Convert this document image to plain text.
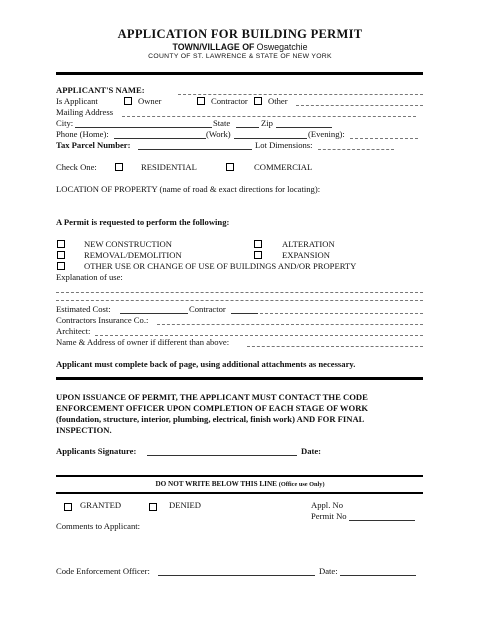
APPLICATION FOR BUILDING PERMIT
TOWN/VILLAGE OF Oswegatchie
COUNTY OF ST. LAWRENCE & STATE OF NEW YORK
APPLICANT'S NAME:
Is Applicant	Owner	Contractor Other
Mailing Address
City:	State	Zip
Phone (Home):	(Work)	(Evening):
Tax Parcel Number:	Lot Dimensions:
Check One:	RESIDENTIAL	COMMERCIAL
LOCATION OF PROPERTY (name of road & exact directions for locating):
A Permit is requested to perform the following:
NEW CONSTRUCTION	ALTERATION
REMOVAL/DEMOLITION	EXPANSION
OTHER USE OR CHANGE OF USE OF BUILDINGS AND/OR PROPERTY
Explanation of use:
Estimated Cost:	Contractor
Contractors Insurance Co.:
Architect:
Name & Address of owner if different than above:
Applicant must complete back of page, using additional attachments as necessary.
UPON ISSUANCE OF PERMIT, THE APPLICANT MUST CONTACT THE CODE
ENFORCEMENT OFFICER UPON COMPLETION OF EACH STAGE OF WORK
(foundation, structure, interior, plumbing, electrical, finish work) AND FOR FINAL
INSPECTION.
Applicants Signature:	Date:
DO NOT WRITE BELOW THIS LINE (Office use Only)
GRANTED	DENIED	Appl. No
Permit No
Comments to Applicant:
Code Enforcement Officer:	Date:
